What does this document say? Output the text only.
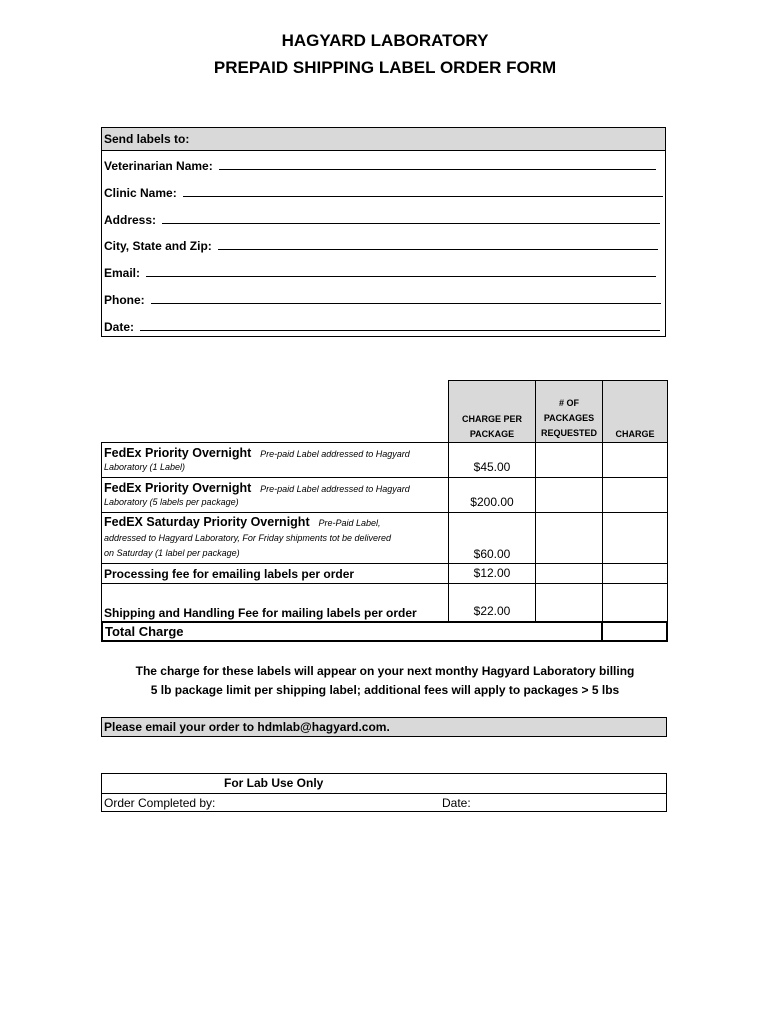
HAGYARD LABORATORY
PREPAID SHIPPING LABEL ORDER FORM
Send labels to:
Veterinarian Name:
Clinic Name:
Address:
City, State and Zip:
Email:
Phone:
Date:
CHARGE PER PACKAGE
# OF PACKAGES REQUESTED	CHARGE
FedEx Priority Overnight Pre-paid Label addressed to Hagyard
Laboratory (1 Label)	$45.00
FedEx Priority Overnight Pre-paid Label addressed to Hagyard
Laboratory (5 labels per package)	$200.00
FedEX Saturday Priority Overnight Pre-Paid Label,
addressed to Hagyard Laboratory, For Friday shipments tot be delivered
on Saturday (1 label per package)	$60.00
Processing fee for emailing labels per order	$12.00
Shipping and Handling Fee for mailing labels per order	$22.00
Total Charge
The charge for these labels will appear on your next monthy Hagyard Laboratory billing
5 lb package limit per shipping label; additional fees will apply to packages > 5 lbs
Please email your order to hdmlab@hagyard.com.
For Lab Use Only
Order Completed by:	Date:
